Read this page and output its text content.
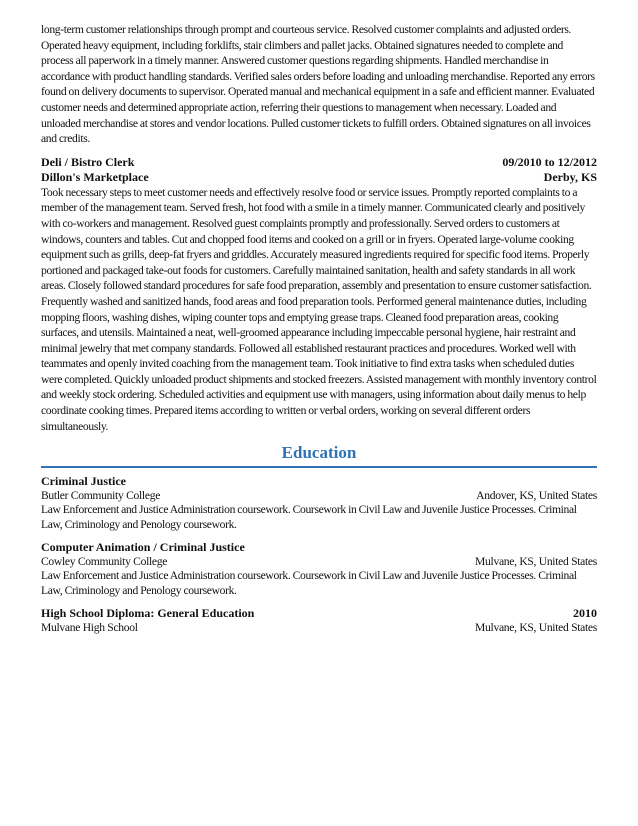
long-term customer relationships through prompt and courteous service. Resolved customer complaints and adjusted orders. Operated heavy equipment, including forklifts, stair climbers and pallet jacks. Obtained signatures needed to complete and process all paperwork in a timely manner. Answered customer questions regarding shipments. Handled merchandise in accordance with product handling standards. Verified sales orders before loading and unloading merchandise. Reported any errors found on delivery documents to supervisor. Operated manual and mechanical equipment in a safe and efficient manner. Evaluated customer needs and determined appropriate action, referring their questions to management when necessary. Loaded and unloaded merchandise at stores and vendor locations. Pulled customer tickets to fulfill orders. Obtained signatures on all invoices and credits.

Deli / Bistro Clerk	09/2010 to 12/2012
Dillon's Marketplace	Derby, KS

Took necessary steps to meet customer needs and effectively resolve food or service issues. Promptly reported complaints to a member of the management team. Served fresh, hot food with a smile in a timely manner. Communicated clearly and positively with co-workers and management. Resolved guest complaints promptly and professionally. Served orders to customers at windows, counters and tables. Cut and chopped food items and cooked on a grill or in fryers. Operated large-volume cooking equipment such as grills, deep-fat fryers and griddles. Accurately measured ingredients required for specific food items. Properly portioned and packaged take-out foods for customers. Carefully maintained sanitation, health and safety standards in all work areas. Closely followed standard procedures for safe food preparation, assembly and presentation to ensure customer satisfaction. Frequently washed and sanitized hands, food areas and food preparation tools. Performed general maintenance duties, including mopping floors, washing dishes, wiping counter tops and emptying grease traps. Cleaned food preparation areas, cooking surfaces, and utensils. Maintained a neat, well-groomed appearance including impeccable personal hygiene, hair restraint and minimal jewelry that met company standards. Followed all established restaurant practices and procedures. Worked well with teammates and openly invited coaching from the management team. Took initiative to find extra tasks when scheduled duties were completed. Quickly unloaded product shipments and stocked freezers. Assisted management with monthly inventory control and weekly stock ordering. Scheduled activities and equipment use with managers, using information about daily menus to help coordinate cooking times. Prepared items according to written or verbal orders, working on several different orders simultaneously.

Education
Criminal Justice
Butler Community College	Andover, KS, United States

Law Enforcement and Justice Administration coursework. Coursework in Civil Law and Juvenile Justice Processes. Criminal Law, Criminology and Penology coursework.

Computer Animation / Criminal Justice
Cowley Community College	Mulvane, KS, United States

Law Enforcement and Justice Administration coursework. Coursework in Civil Law and Juvenile Justice Processes. Criminal Law, Criminology and Penology coursework.

High School Diploma: General Education	2010
Mulvane High School	Mulvane, KS, United States
